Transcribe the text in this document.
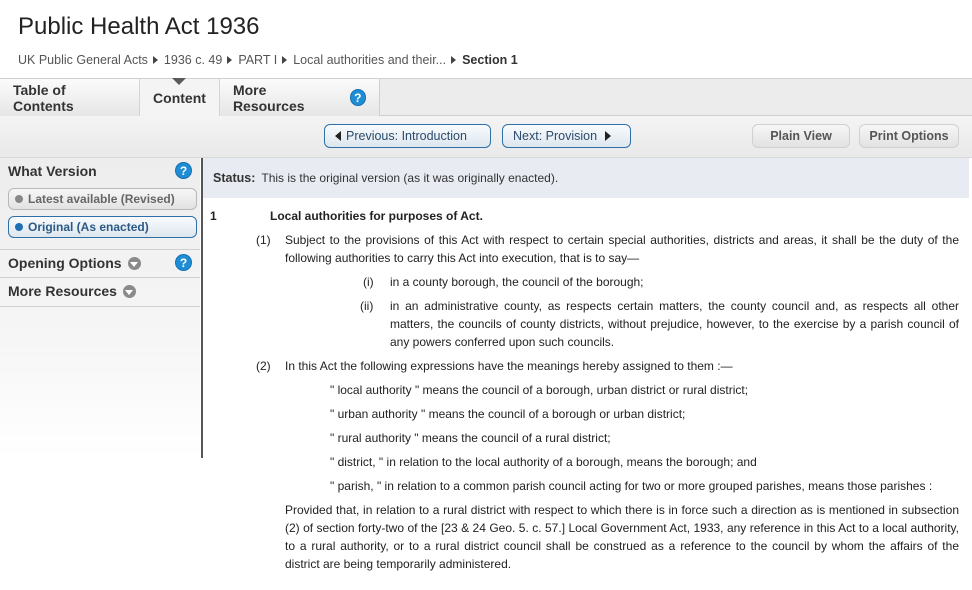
Public Health Act 1936
UK Public General Acts 1936 c. 49 PART I Local authorities and their... Section 1
Table of Contents	Content More Resources	?
Previous: Introduction	Next: Provision	Plain View	Print Options
What Version	?
Latest available (Revised)
Original (As enacted)
Opening Options	?
More Resources
Status: This is the original version (as it was originally enacted).
1	Local authorities for purposes of Act.
(1) Subject to the provisions of this Act with respect to certain special authorities, districts and areas, it shall be the duty of the following authorities to carry this Act into execution, that is to say—
(i) in a county borough, the council of the borough;
(ii) in an administrative county, as respects certain matters, the county council and, as respects all other matters, the councils of county districts, without prejudice, however, to the exercise by a parish council of any powers conferred upon such councils.
(2) In this Act the following expressions have the meanings hereby assigned to them :—
" local authority " means the council of a borough, urban district or rural district;
" urban authority " means the council of a borough or urban district;
" rural authority " means the council of a rural district;
" district, " in relation to the local authority of a borough, means the borough; and
" parish, " in relation to a common parish council acting for two or more grouped parishes, means those parishes :
Provided that, in relation to a rural district with respect to which there is in force such a direction as is mentioned in subsection (2) of section forty-two of the [23 & 24 Geo. 5. c. 57.] Local Government Act, 1933, any reference in this Act to a local authority, to a rural authority, or to a rural district council shall be construed as a reference to the council by whom the affairs of the district are being temporarily administered.
